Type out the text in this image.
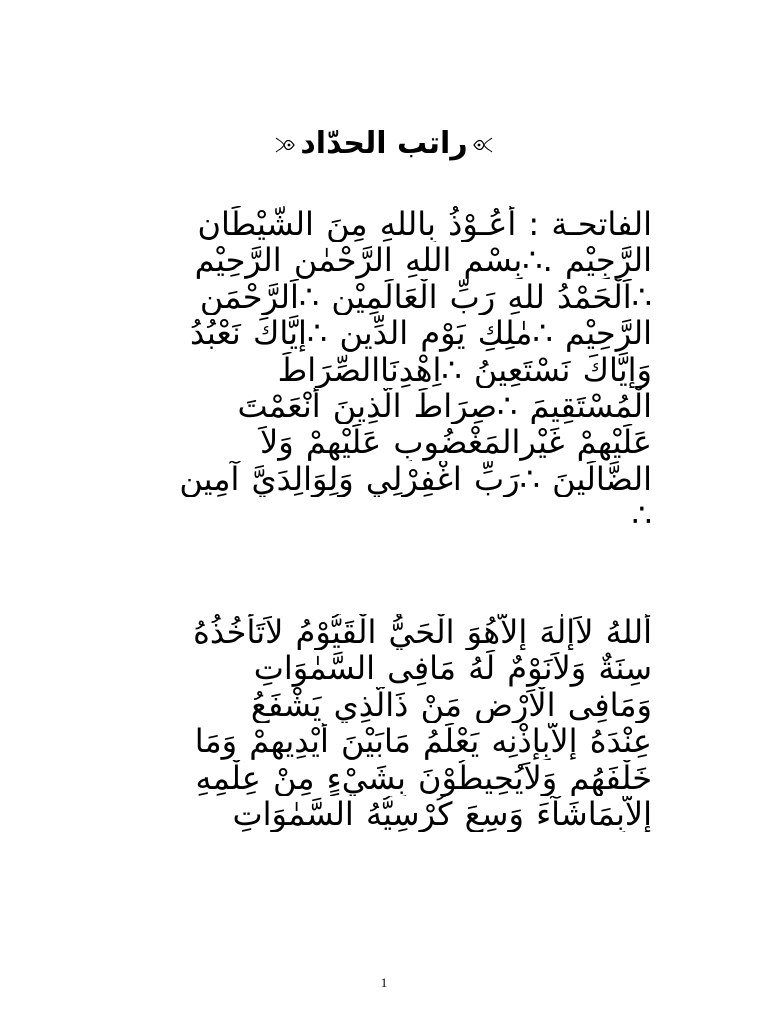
راتب الحدّاد
الفاتحـة : أَعُـوْذُ بِاللهِ مِنَ الشَّيْطَانِ
الرَّجِيْمِ .∴بِسْمِ اللهِ الرَّحْمٰنِ الرَّحِيْمِ
∴اَلْحَمْدُ للهِ رَبِّ الْعَالَمِيْن ∴اَلرَّحْمَنِ
الرَّحِيْمِ ∴مٰلِكِ يَوْمِ الدِّين ∴إِيَّاكَ نَعْبُدُ
وَإِيَّاكَ نَسْتَعِينُ ∴اِهْدِنَاالصِّرَاطَ
الْمُسْتَقِيمَ ∴صِرَاطَ الَّذِينَ أَنْعَمْتَ
عَلَيْهِمْ غَيْرِالمَغْضُوبِ عَلَيْهِمْ وَلاَ
الضَّالِّينَ ∴رَبِّ اغْفِرْلِي وَلِوَالِدَيَّ آمِين
∴
أَللهُ لاَإِلٰهَ إِلاَّهُوَ الْحَيُّ الْقَيُّوْمُ لاَتَأْخُذُهُ
سِنَةٌ وَلاَنَوْمٌ لَهُ مَافِى السَّمٰوَاتِ
وَمَافِى الْاَرْضِ مَنْ ذَالَّذِي يَشْفَعُ
عِنْدَهُ إِلاَّبِإِذْنِه يَعْلَمُ مَابَيْنَ أَيْدِيهِمْ وَمَا
خَلْفَهُم وَلاَيُحِيطُوْنَ بِشَيْءٍ مِنْ عِلْمِهِ
إِلاَّبِمَاشَآءَ وَسِعَ كُرْسِيُّهُ السَّمٰوَاتِ
1
